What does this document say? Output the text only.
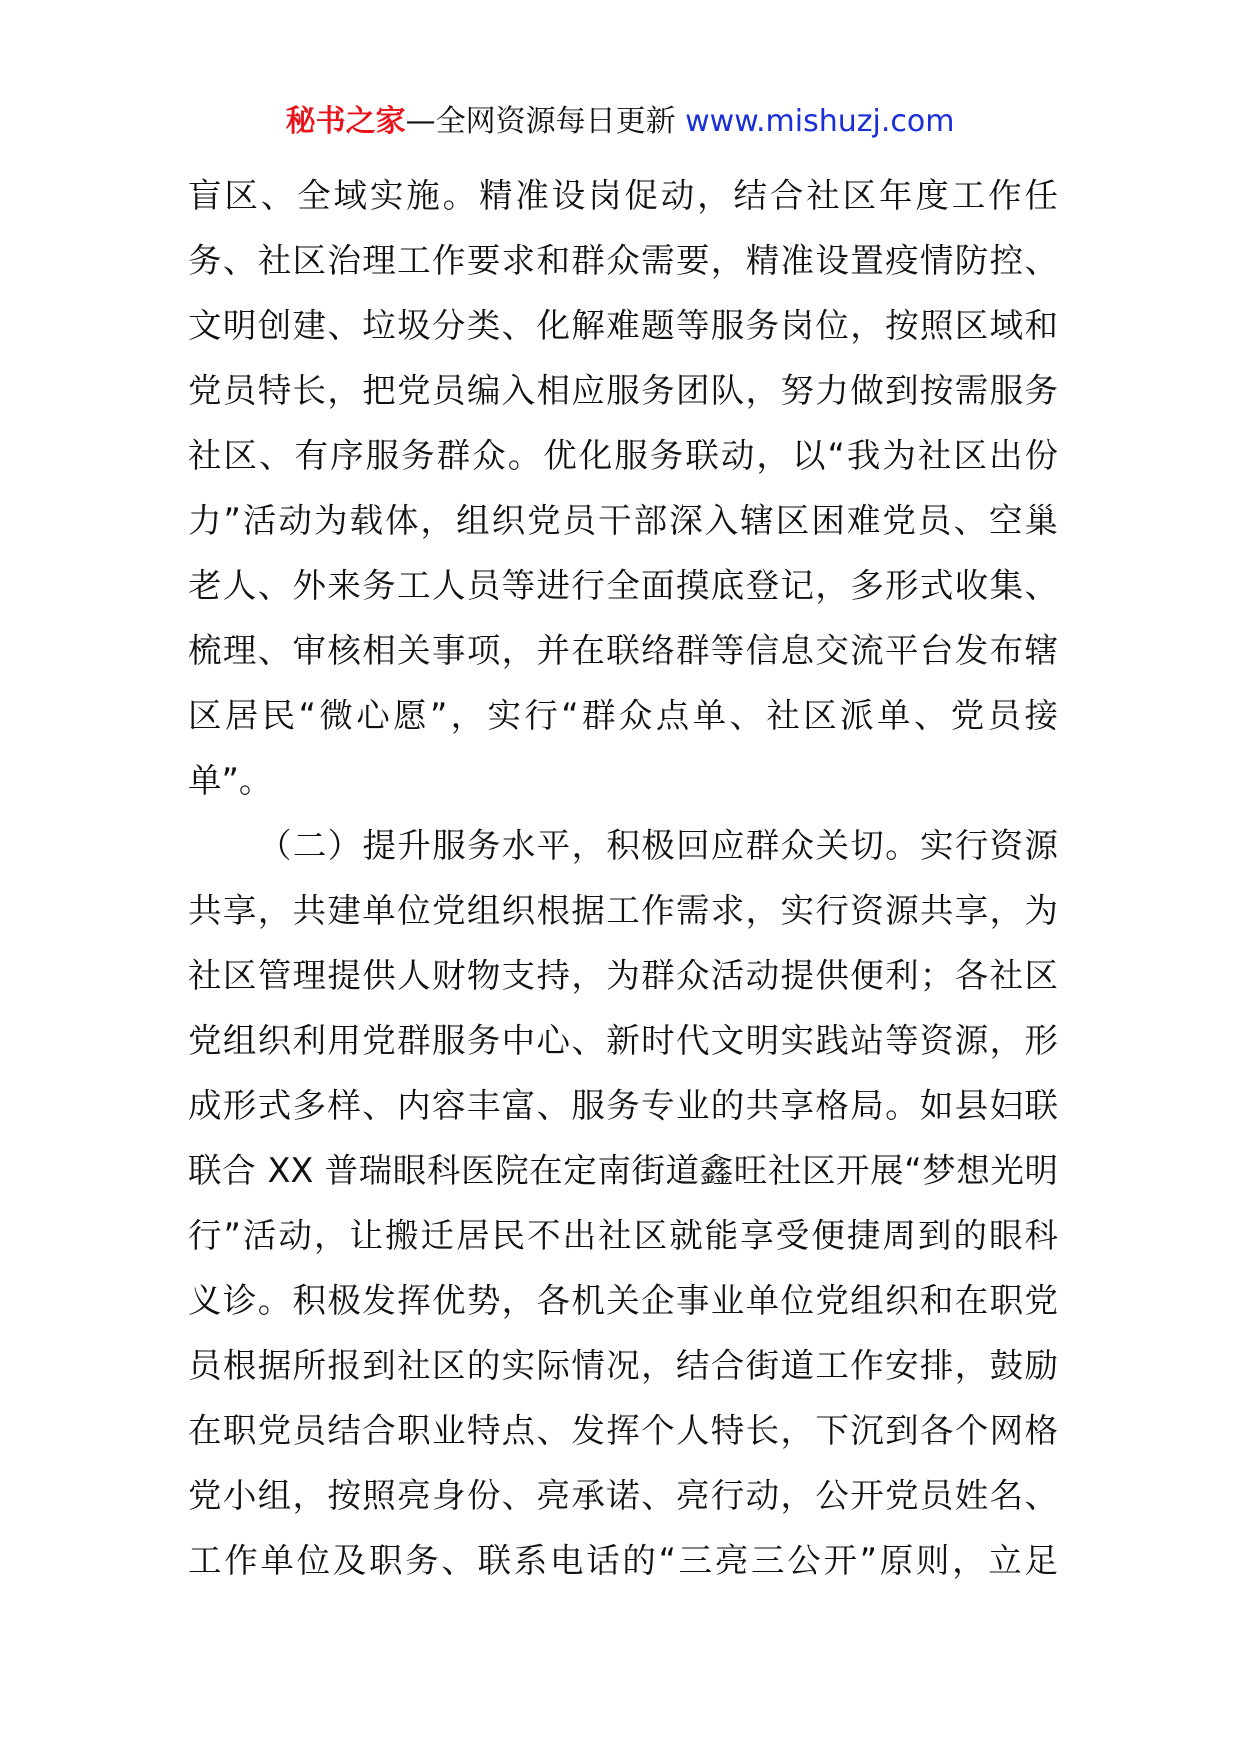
秘书之家—全网资源每日更新 www.mishuzj.com
盲区、全域实施。精准设岗促动，结合社区年度工作任
务、社区治理工作要求和群众需要，精准设置疫情防控、
文明创建、垃圾分类、化解难题等服务岗位，按照区域和
党员特长，把党员编入相应服务团队，努力做到按需服务
社区、有序服务群众。优化服务联动，以“我为社区出份
力”活动为载体，组织党员干部深入辖区困难党员、空巢
老人、外来务工人员等进行全面摸底登记，多形式收集、
梳理、审核相关事项，并在联络群等信息交流平台发布辖
区居民“微心愿”，实行“群众点单、社区派单、党员接
单”。
（二）提升服务水平，积极回应群众关切。实行资源
共享，共建单位党组织根据工作需求，实行资源共享，为
社区管理提供人财物支持，为群众活动提供便利；各社区
党组织利用党群服务中心、新时代文明实践站等资源，形
成形式多样、内容丰富、服务专业的共享格局。如县妇联
联合 XX 普瑞眼科医院在定南街道鑫旺社区开展“梦想光明
行”活动，让搬迁居民不出社区就能享受便捷周到的眼科
义诊。积极发挥优势，各机关企事业单位党组织和在职党
员根据所报到社区的实际情况，结合街道工作安排，鼓励
在职党员结合职业特点、发挥个人特长，下沉到各个网格
党小组，按照亮身份、亮承诺、亮行动，公开党员姓名、
工作单位及职务、联系电话的“三亮三公开”原则，立足
